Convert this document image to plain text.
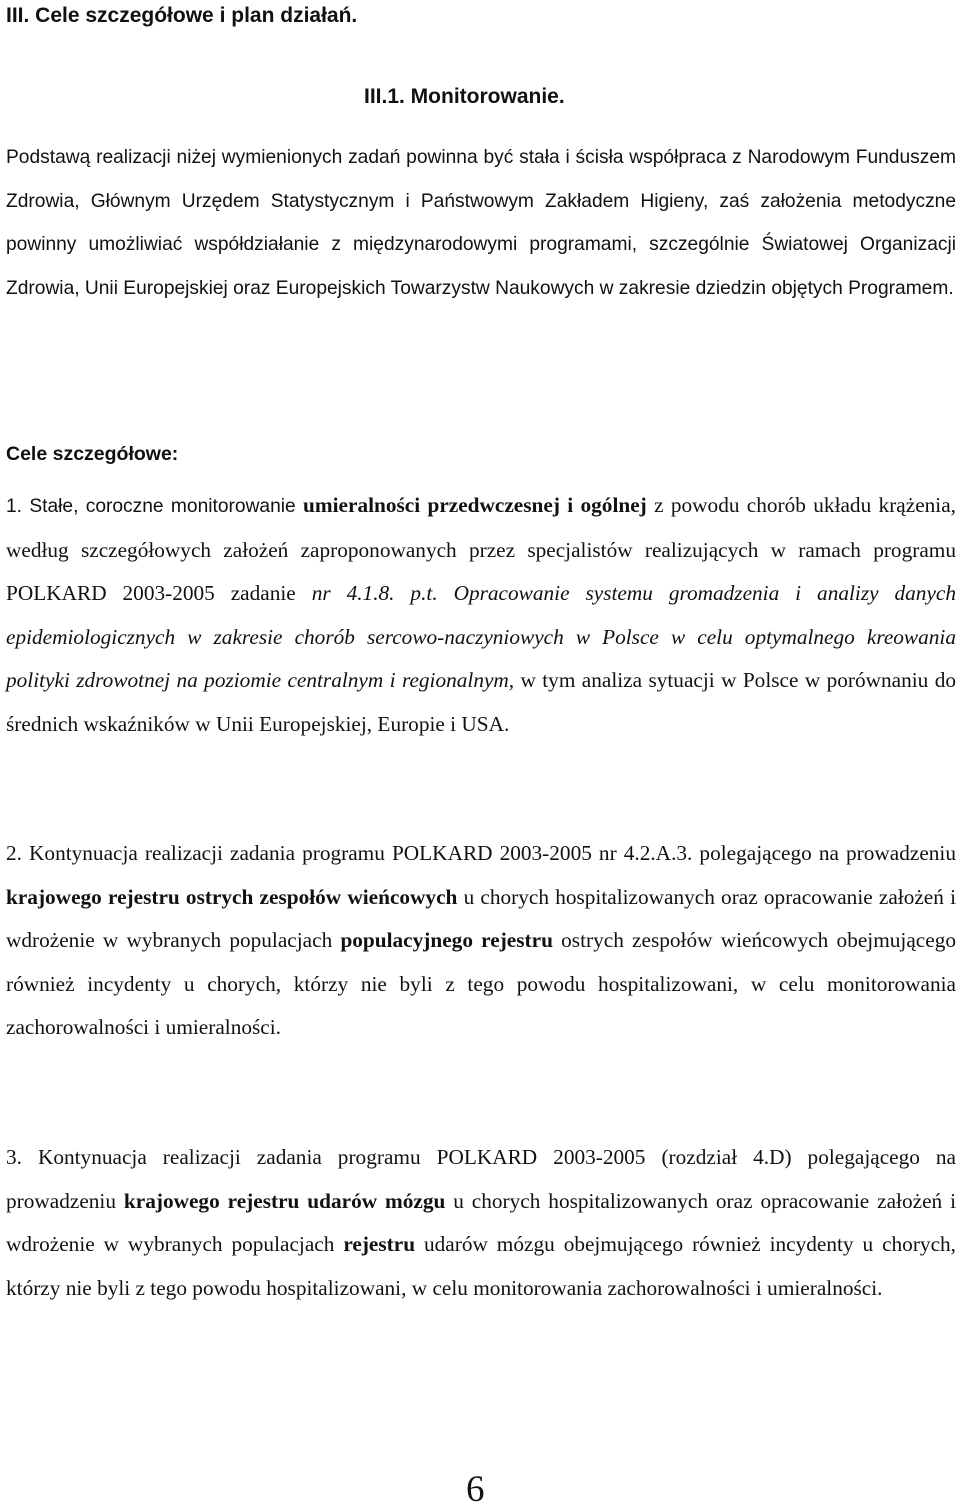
III. Cele szczegółowe i plan działań.
III.1. Monitorowanie.

Podstawą realizacji niżej wymienionych zadań powinna być stała i ścisła współpraca z Narodowym Funduszem Zdrowia, Głównym Urzędem Statystycznym i Państwowym Zakładem Higieny, zaś założenia metodyczne powinny umożliwiać współdziałanie z międzynarodowymi programami, szczególnie Światowej Organizacji Zdrowia, Unii Europejskiej oraz Europejskich Towarzystw Naukowych w zakresie dziedzin objętych Programem.

Cele szczegółowe:

1. Stałe, coroczne monitorowanie umieralności przedwczesnej i ogólnej z powodu chorób układu krążenia, według szczegółowych założeń zaproponowanych przez specjalistów realizujących w ramach programu POLKARD 2003-2005 zadanie nr 4.1.8. p.t. Opracowanie systemu gromadzenia i analizy danych epidemiologicznych w zakresie chorób sercowo-naczyniowych w Polsce w celu optymalnego kreowania polityki zdrowotnej na poziomie centralnym i regionalnym, w tym analiza sytuacji w Polsce w porównaniu do średnich wskaźników w Unii Europejskiej, Europie i USA.

2. Kontynuacja realizacji zadania programu POLKARD 2003-2005 nr 4.2.A.3. polegającego na prowadzeniu krajowego rejestru ostrych zespołów wieńcowych u chorych hospitalizowanych oraz opracowanie założeń i wdrożenie w wybranych populacjach populacyjnego rejestru ostrych zespołów wieńcowych obejmującego również incydenty u chorych, którzy nie byli z tego powodu hospitalizowani, w celu monitorowania zachorowalności i umieralności.

3. Kontynuacja realizacji zadania programu POLKARD 2003-2005 (rozdział 4.D) polegającego na prowadzeniu krajowego rejestru udarów mózgu u chorych hospitalizowanych oraz opracowanie założeń i wdrożenie w wybranych populacjach rejestru udarów mózgu obejmującego również incydenty u chorych, którzy nie byli z tego powodu hospitalizowani, w celu monitorowania zachorowalności i umieralności.

6
